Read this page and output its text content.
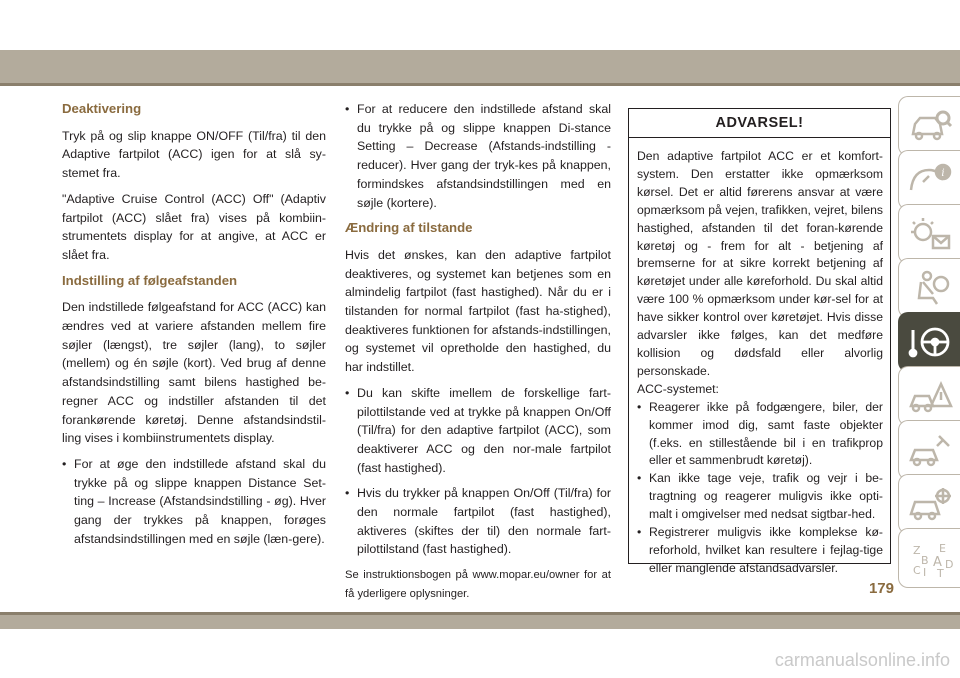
Deaktivering

Tryk på og slip knappe ON/OFF (Til/fra) til den Adaptive fartpilot (ACC) igen for at slå sy-stemet fra.

"Adaptive Cruise Control (ACC) Off" (Adaptiv fartpilot (ACC) slået fra) vises på kombiin-strumentets display for at angive, at ACC er slået fra.

Indstilling af følgeafstanden

Den indstillede følgeafstand for ACC (ACC) kan ændres ved at variere afstanden mellem fire søjler (længst), tre søjler (lang), to søjler (mellem) og én søjle (kort). Ved brug af denne afstandsindstilling samt bilens hastighed be-regner ACC og indstiller afstanden til det forankørende køretøj. Denne afstandsindstil-ling vises i kombiinstrumentets display.

• For at øge den indstillede afstand skal du trykke på og slippe knappen Distance Set-ting – Increase (Afstandsindstilling - øg). Hver gang der trykkes på knappen, forøges afstandsindstillingen med en søjle (læn-gere).
• For at reducere den indstillede afstand skal du trykke på og slippe knappen Di-stance Setting – Decrease (Afstands-indstilling - reducer). Hver gang der tryk-kes på knappen, formindskes afstandsindstillingen med en søjle (kortere).
Ændring af tilstande

Hvis det ønskes, kan den adaptive fartpilot deaktiveres, og systemet kan betjenes som en almindelig fartpilot (fast hastighed). Når du er i tilstanden for normal fartpilot (fast ha-stighed), deaktiveres funktionen for afstands-indstillingen, og systemet vil opretholde den hastighed, du har indstillet.

• Du kan skifte imellem de forskellige fart-pilottilstande ved at trykke på knappen On/Off (Til/fra) for den adaptive fartpilot (ACC), som deaktiverer ACC og den nor-male fartpilot (fast hastighed).
• Hvis du trykker på knappen On/Off (Til/fra) for den normale fartpilot (fast hastighed), aktiveres (skiftes der til) den normale fart-pilottilstand (fast hastighed).

Se instruktionsbogen på www.mopar.eu/owner for at få yderligere oplysninger.

ADVARSEL!

Den adaptive fartpilot ACC er et komfort-system. Den erstatter ikke opmærksom kørsel. Det er altid førerens ansvar at være opmærksom på vejen, trafikken, vejret, bilens hastighed, afstanden til det foran-kørende køretøj og - frem for alt - betjening af bremserne for at sikre korrekt betjening af køretøjet under alle køreforhold. Du skal altid være 100 % opmærksom under kør-sel for at have sikker kontrol over køretøjet. Hvis disse advarsler ikke følges, kan det medføre kollision og dødsfald eller alvorlig personskade.

ACC-systemet:

• Reagerer ikke på fodgængere, biler, der kommer imod dig, samt faste objekter (f.eks. en stillestående bil i en trafikprop eller et sammenbrudt køretøj).
• Kan ikke tage veje, trafik og vejr i be-tragtning og reagerer muligvis ikke opti-malt i omgivelser med nedsat sigtbar-hed.
• Registrerer muligvis ikke komplekse kø-reforhold, hvilket kan resultere i fejlag-tige eller manglende afstandsadvarsler.
i
Z E
B
C
A D
I T
179
carmanualsonline.info
